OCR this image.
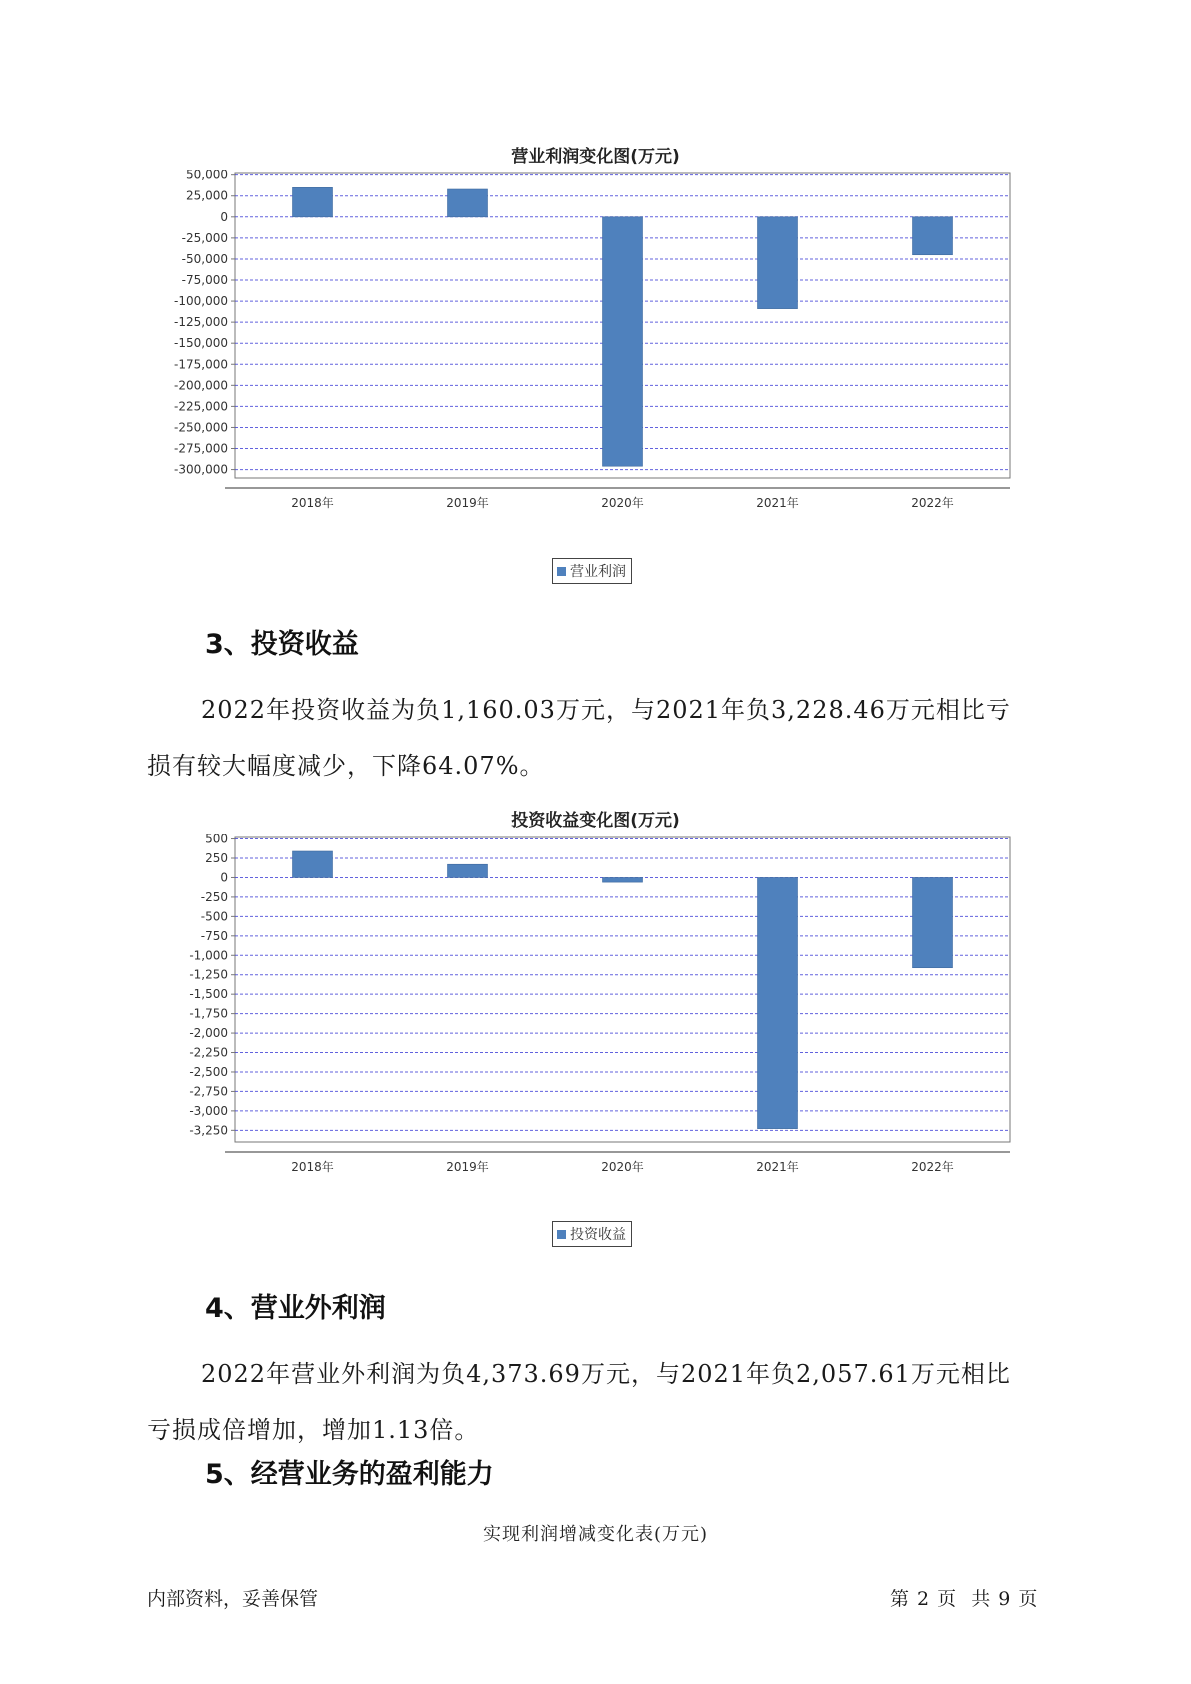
营业利润变化图(万元)
50,000
25,000
0
-25,000
-50,000
-75,000
-100,000
-125,000
-150,000
-175,000
-200,000
-225,000
-250,000
-275,000
-300,000
2018年	2019年	2020年	2021年	2022年
营业利润
3、投资收益
2022年投资收益为负1,160.03万元，与2021年负3,228.46万元相比亏
损有较大幅度减少，下降64.07%。
投资收益变化图(万元)
500
250
0
-250
-500
-750
-1,000
-1,250
-1,500
-1,750
-2,000
-2,250
-2,500
-2,750
-3,000
-3,250
2018年	2019年	2020年	2021年	2022年
投资收益
4、营业外利润
2022年营业外利润为负4,373.69万元，与2021年负2,057.61万元相比
亏损成倍增加，增加1.13倍。
5、经营业务的盈利能力
实现利润增减变化表(万元)
内部资料，妥善保管	第 2 页  共 9 页
